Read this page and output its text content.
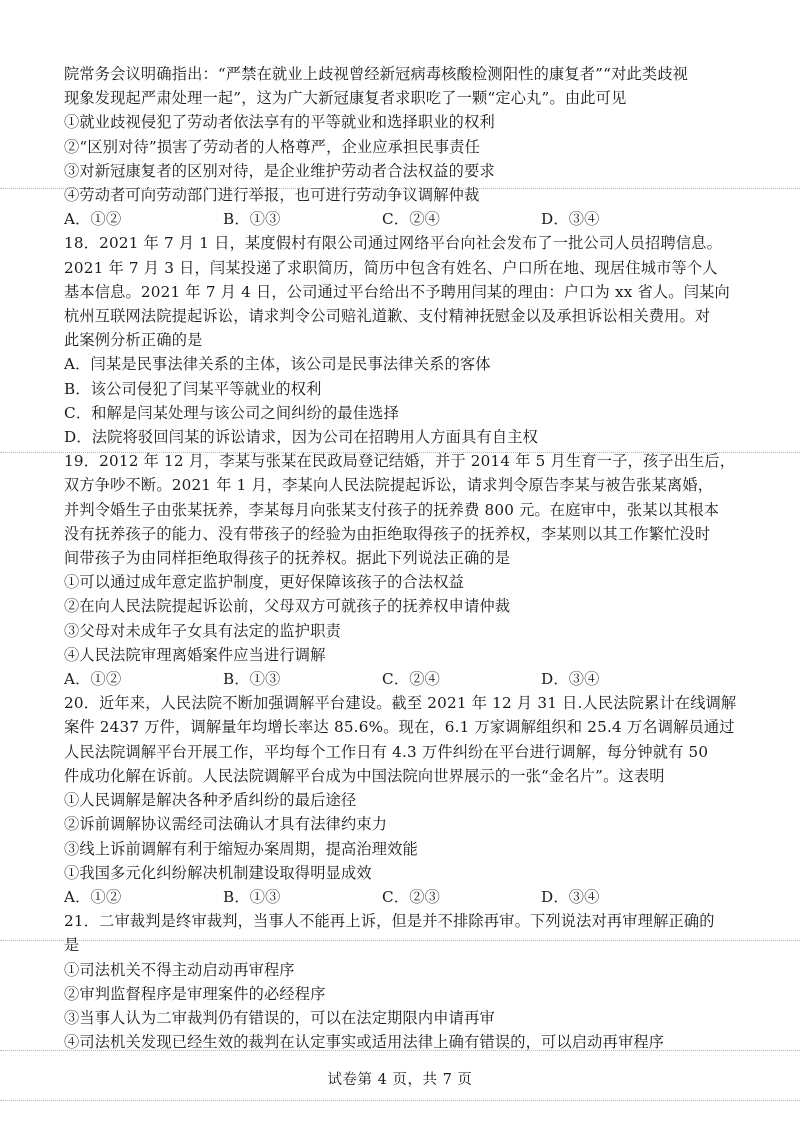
院常务会议明确指出：“严禁在就业上歧视曾经新冠病毒核酸检测阳性的康复者”“对此类歧视
现象发现起严肃处理一起”，这为广大新冠康复者求职吃了一颗“定心丸”。由此可见
①就业歧视侵犯了劳动者依法享有的平等就业和选择职业的权利
②“区别对待”损害了劳动者的人格尊严，企业应承担民事责任
③对新冠康复者的区别对待，是企业维护劳动者合法权益的要求
④劳动者可向劳动部门进行举报，也可进行劳动争议调解仲裁
A．①②	B．①③	C．②④	D．③④
18．2021 年 7 月 1 日，某度假村有限公司通过网络平台向社会发布了一批公司人员招聘信息。
2021 年 7 月 3 日，闫某投递了求职简历，简历中包含有姓名、户口所在地、现居住城市等个人
基本信息。2021 年 7 月 4 日，公司通过平台给出不予聘用闫某的理由：户口为 xx 省人。闫某向
杭州互联网法院提起诉讼，请求判令公司赔礼道歉、支付精神抚慰金以及承担诉讼相关费用。对
此案例分析正确的是
A．闫某是民事法律关系的主体，该公司是民事法律关系的客体
B．该公司侵犯了闫某平等就业的权利
C．和解是闫某处理与该公司之间纠纷的最佳选择
D．法院将驳回闫某的诉讼请求，因为公司在招聘用人方面具有自主权
19．2012 年 12 月，李某与张某在民政局登记结婚，并于 2014 年 5 月生育一子，孩子出生后，
双方争吵不断。2021 年 1 月，李某向人民法院提起诉讼，请求判令原告李某与被告张某离婚，
并判令婚生子由张某抚养，李某每月向张某支付孩子的抚养费 800 元。在庭审中，张某以其根本
没有抚养孩子的能力、没有带孩子的经验为由拒绝取得孩子的抚养权，李某则以其工作繁忙没时
间带孩子为由同样拒绝取得孩子的抚养权。据此下列说法正确的是
①可以通过成年意定监护制度，更好保障该孩子的合法权益
②在向人民法院提起诉讼前，父母双方可就孩子的抚养权申请仲裁
③父母对未成年子女具有法定的监护职责
④人民法院审理离婚案件应当进行调解
A．①②	B．①③	C．②④	D．③④
20．近年来，人民法院不断加强调解平台建设。截至 2021 年 12 月 31 日.人民法院累计在线调解
案件 2437 万件，调解量年均增长率达 85.6%。现在，6.1 万家调解组织和 25.4 万名调解员通过
人民法院调解平台开展工作，平均每个工作日有 4.3 万件纠纷在平台进行调解，每分钟就有 50
件成功化解在诉前。人民法院调解平台成为中国法院向世界展示的一张“金名片”。这表明
①人民调解是解决各种矛盾纠纷的最后途径
②诉前调解协议需经司法确认才具有法律约束力
③线上诉前调解有利于缩短办案周期，提高治理效能
①我国多元化纠纷解决机制建设取得明显成效
A．①②	B．①③	C．②③	D．③④
21．二审裁判是终审裁判，当事人不能再上诉，但是并不排除再审。下列说法对再审理解正确的
是
①司法机关不得主动启动再审程序
②审判监督程序是审理案件的必经程序
③当事人认为二审裁判仍有错误的，可以在法定期限内申请再审
④司法机关发现已经生效的裁判在认定事实或适用法律上确有错误的，可以启动再审程序
试卷第 4 页，共 7 页
